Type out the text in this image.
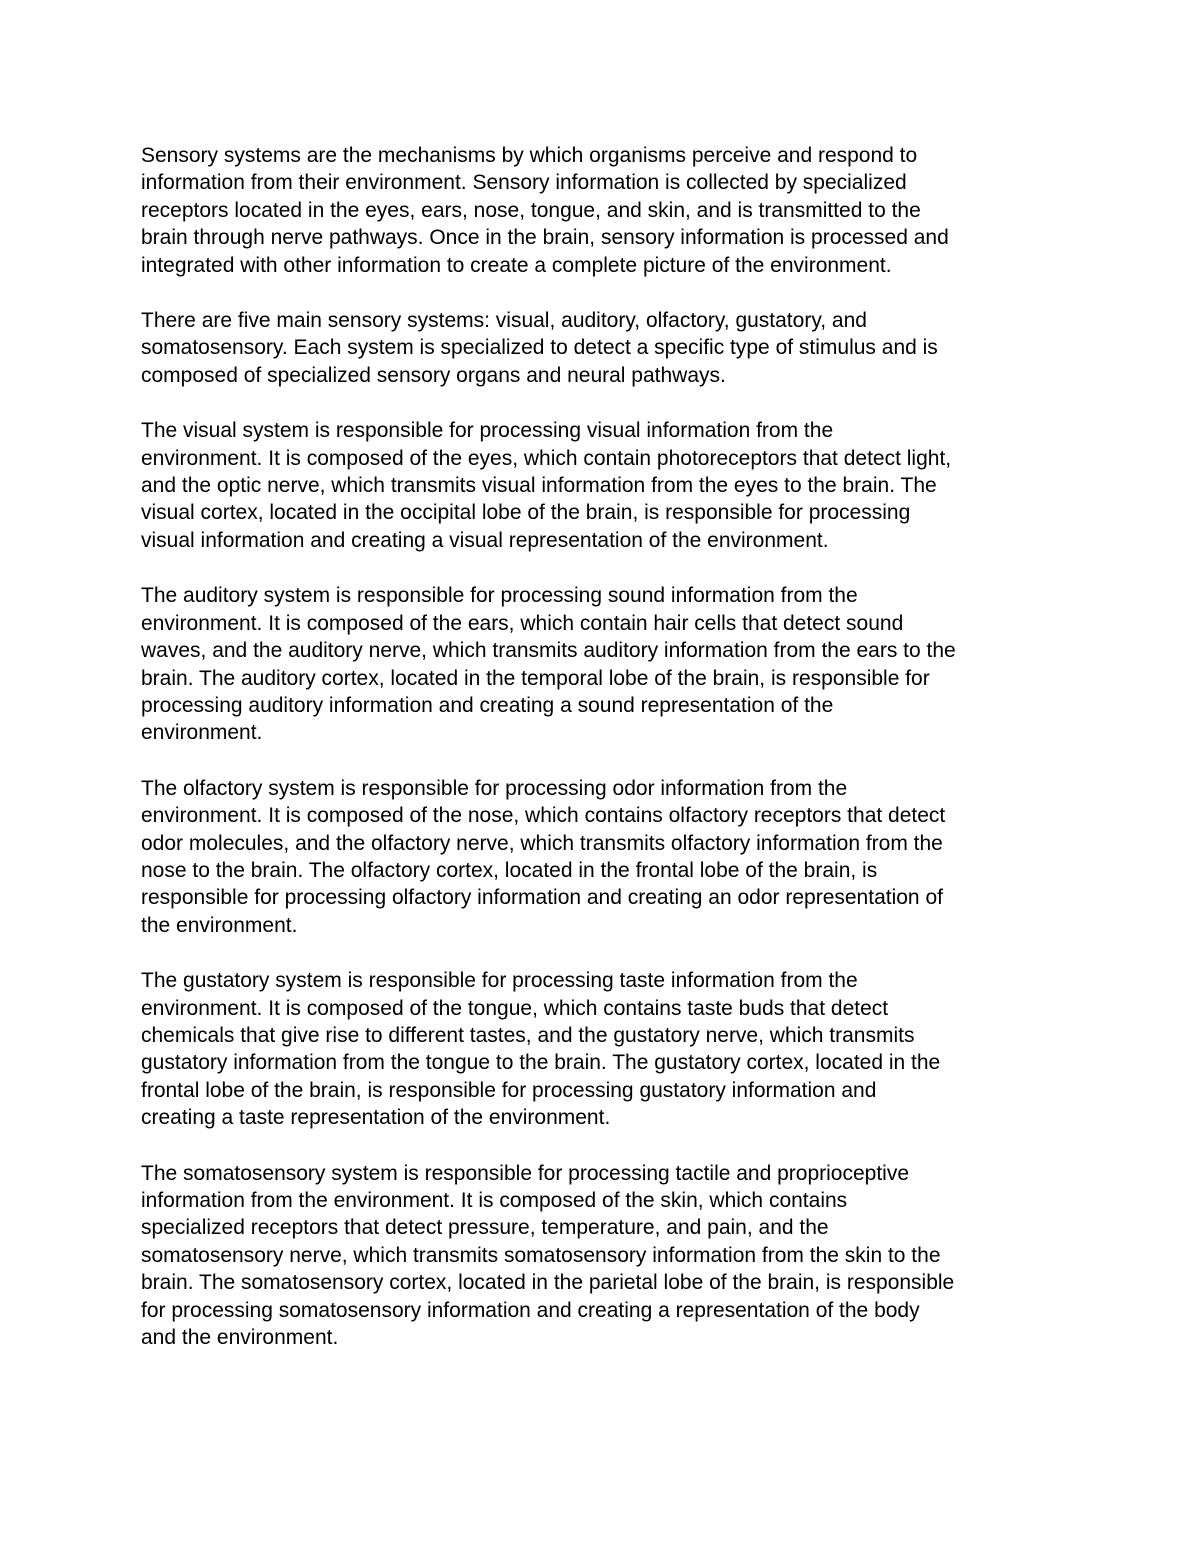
Sensory systems are the mechanisms by which organisms perceive and respond to
information from their environment. Sensory information is collected by specialized
receptors located in the eyes, ears, nose, tongue, and skin, and is transmitted to the
brain through nerve pathways. Once in the brain, sensory information is processed and
integrated with other information to create a complete picture of the environment.

There are five main sensory systems: visual, auditory, olfactory, gustatory, and
somatosensory. Each system is specialized to detect a specific type of stimulus and is
composed of specialized sensory organs and neural pathways.

The visual system is responsible for processing visual information from the
environment. It is composed of the eyes, which contain photoreceptors that detect light,
and the optic nerve, which transmits visual information from the eyes to the brain. The
visual cortex, located in the occipital lobe of the brain, is responsible for processing
visual information and creating a visual representation of the environment.

The auditory system is responsible for processing sound information from the
environment. It is composed of the ears, which contain hair cells that detect sound
waves, and the auditory nerve, which transmits auditory information from the ears to the
brain. The auditory cortex, located in the temporal lobe of the brain, is responsible for
processing auditory information and creating a sound representation of the
environment.

The olfactory system is responsible for processing odor information from the
environment. It is composed of the nose, which contains olfactory receptors that detect
odor molecules, and the olfactory nerve, which transmits olfactory information from the
nose to the brain. The olfactory cortex, located in the frontal lobe of the brain, is
responsible for processing olfactory information and creating an odor representation of
the environment.

The gustatory system is responsible for processing taste information from the
environment. It is composed of the tongue, which contains taste buds that detect
chemicals that give rise to different tastes, and the gustatory nerve, which transmits
gustatory information from the tongue to the brain. The gustatory cortex, located in the
frontal lobe of the brain, is responsible for processing gustatory information and
creating a taste representation of the environment.

The somatosensory system is responsible for processing tactile and proprioceptive
information from the environment. It is composed of the skin, which contains
specialized receptors that detect pressure, temperature, and pain, and the
somatosensory nerve, which transmits somatosensory information from the skin to the
brain. The somatosensory cortex, located in the parietal lobe of the brain, is responsible
for processing somatosensory information and creating a representation of the body
and the environment.
